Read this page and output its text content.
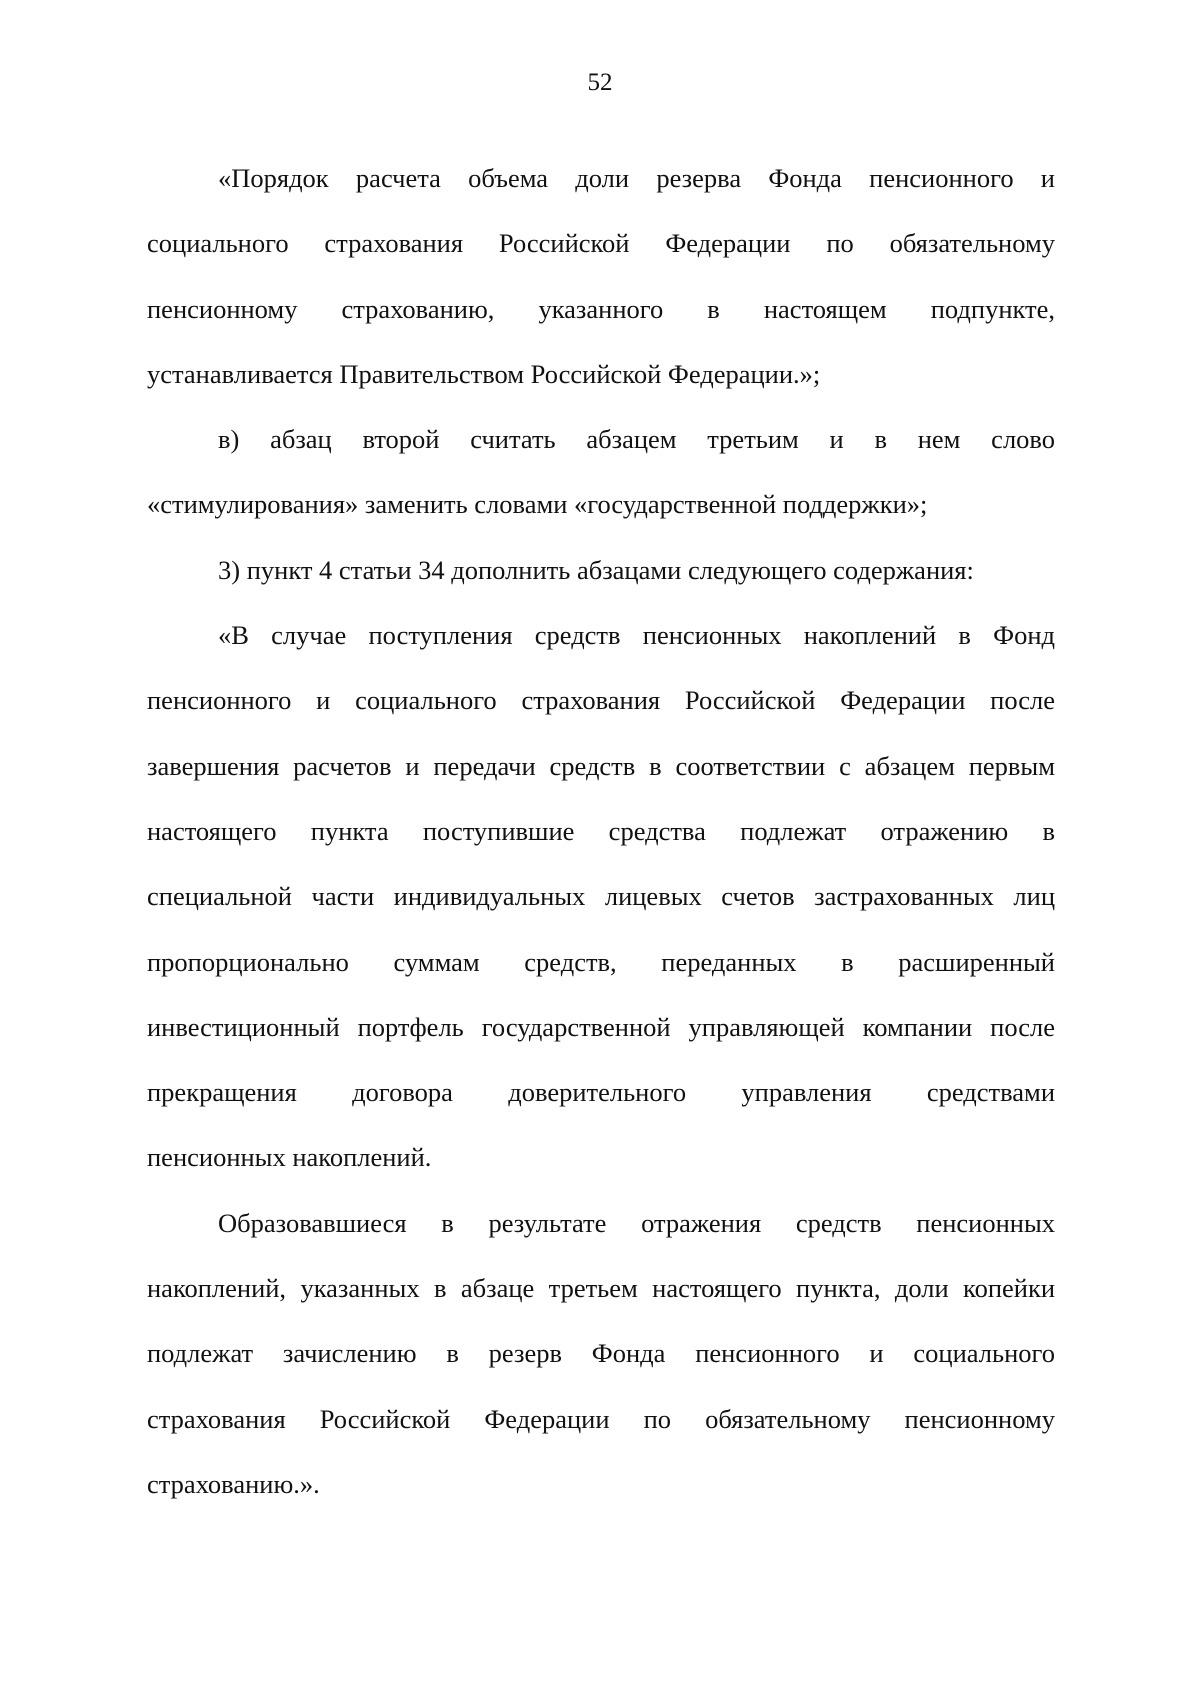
52
«Порядок расчета объема доли резерва Фонда пенсионного и
социального страхования Российской Федерации по обязательному
пенсионному страхованию, указанного в настоящем подпункте,
устанавливается Правительством Российской Федерации.»;
в) абзац второй считать абзацем третьим и в нем слово
«стимулирования» заменить словами «государственной поддержки»;
3) пункт 4 статьи 34 дополнить абзацами следующего содержания:
«В случае поступления средств пенсионных накоплений в Фонд
пенсионного и социального страхования Российской Федерации после
завершения расчетов и передачи средств в соответствии с абзацем первым
настоящего пункта поступившие средства подлежат отражению в
специальной части индивидуальных лицевых счетов застрахованных лиц
пропорционально суммам средств, переданных в расширенный
инвестиционный портфель государственной управляющей компании после
прекращения договора доверительного управления средствами
пенсионных накоплений.
Образовавшиеся в результате отражения средств пенсионных
накоплений, указанных в абзаце третьем настоящего пункта, доли копейки
подлежат зачислению в резерв Фонда пенсионного и социального
страхования Российской Федерации по обязательному пенсионному
страхованию.».
